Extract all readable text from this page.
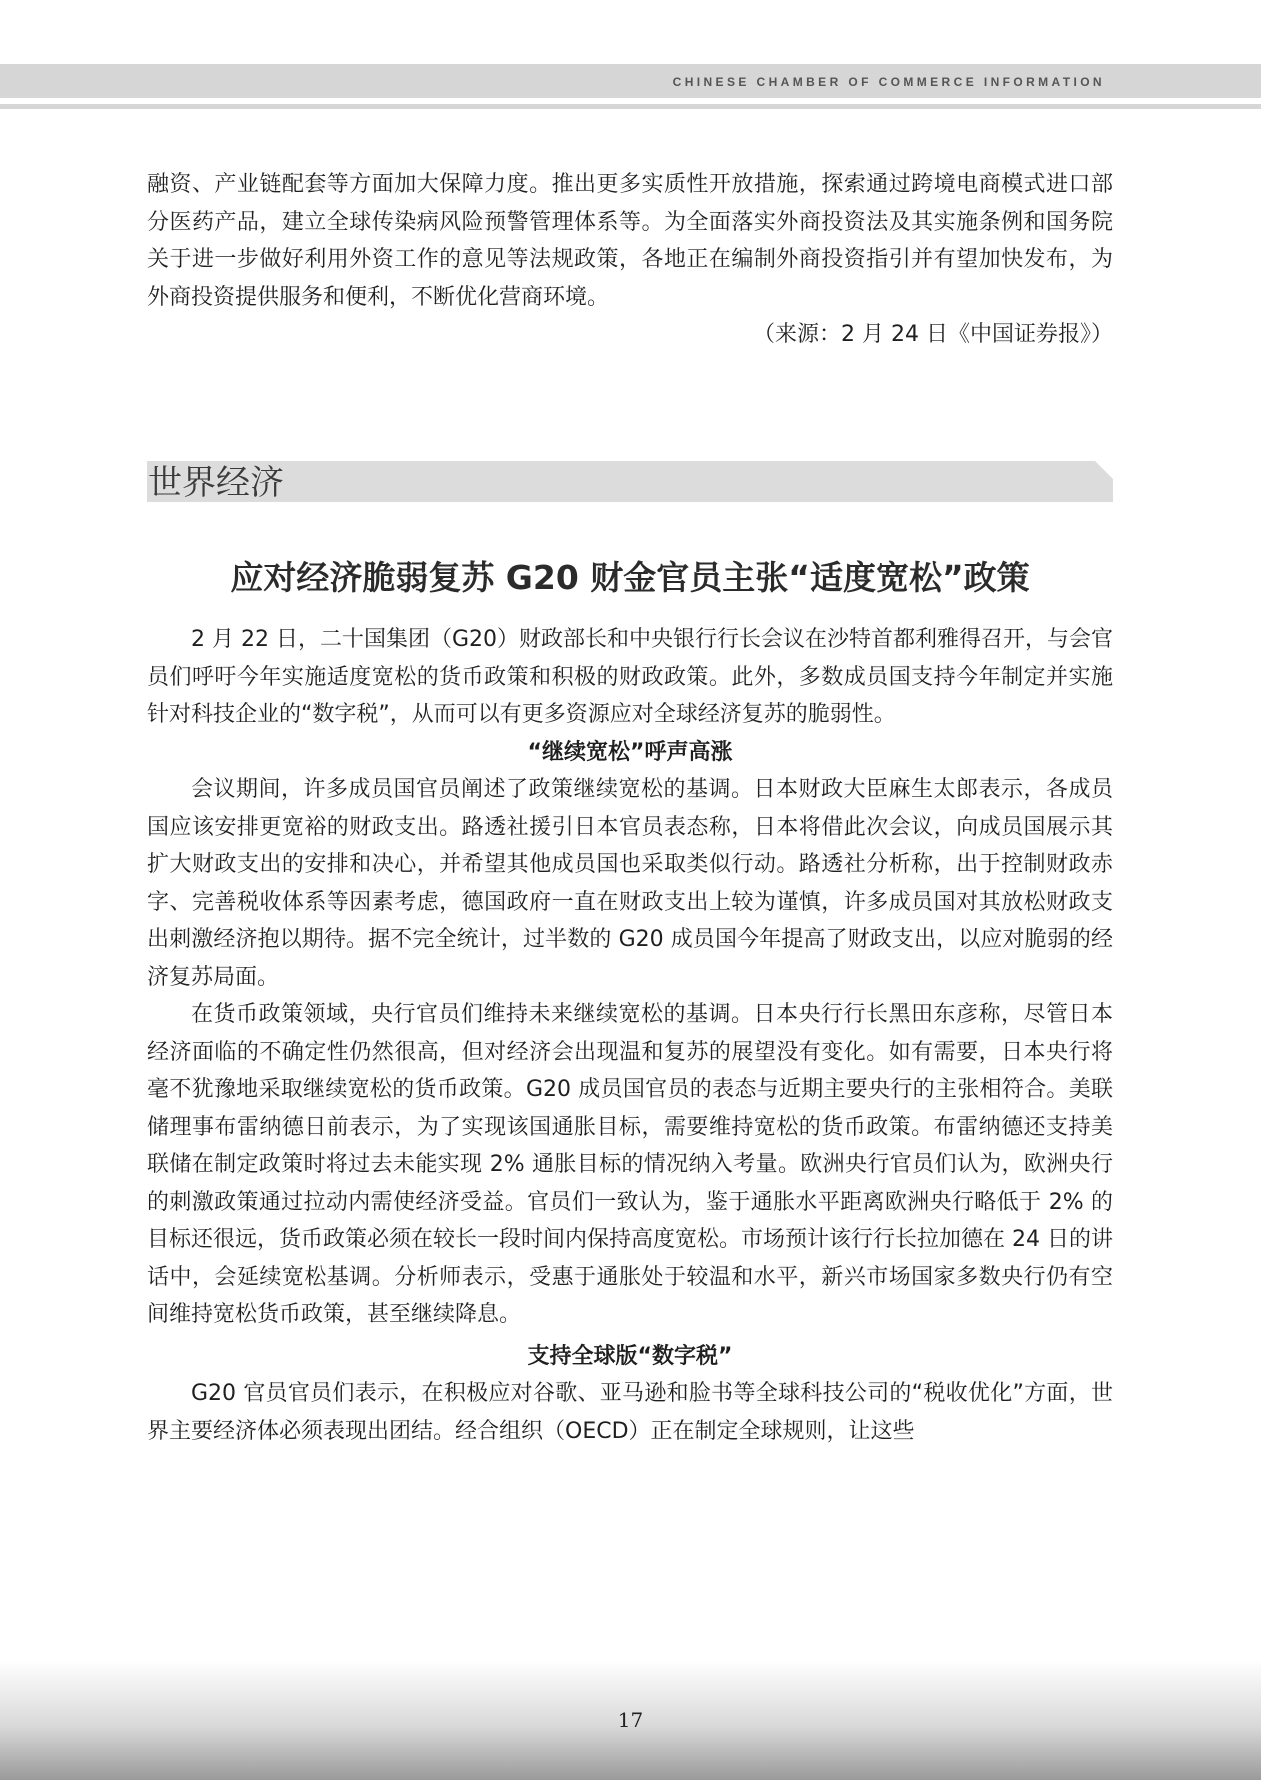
CHINESE CHAMBER OF COMMERCE INFORMATION

融资、产业链配套等方面加大保障力度。推出更多实质性开放措施，探索通过跨境电商模式进口部分医药产品，建立全球传染病风险预警管理体系等。为全面落实外商投资法及其实施条例和国务院关于进一步做好利用外资工作的意见等法规政策，各地正在编制外商投资指引并有望加快发布，为外商投资提供服务和便利，不断优化营商环境。

（来源：2 月 24 日《中国证券报》）

世界经济
应对经济脆弱复苏 G20 财金官员主张“适度宽松”政策

2 月 22 日，二十国集团（G20）财政部长和中央银行行长会议在沙特首都利雅得召开，与会官员们呼吁今年实施适度宽松的货币政策和积极的财政政策。此外，多数成员国支持今年制定并实施针对科技企业的“数字税”，从而可以有更多资源应对全球经济复苏的脆弱性。

“继续宽松”呼声高涨

会议期间，许多成员国官员阐述了政策继续宽松的基调。日本财政大臣麻生太郎表示，各成员国应该安排更宽裕的财政支出。路透社援引日本官员表态称，日本将借此次会议，向成员国展示其扩大财政支出的安排和决心，并希望其他成员国也采取类似行动。路透社分析称，出于控制财政赤字、完善税收体系等因素考虑，德国政府一直在财政支出上较为谨慎，许多成员国对其放松财政支出刺激经济抱以期待。据不完全统计，过半数的 G20 成员国今年提高了财政支出，以应对脆弱的经济复苏局面。

在货币政策领域，央行官员们维持未来继续宽松的基调。日本央行行长黑田东彦称，尽管日本经济面临的不确定性仍然很高，但对经济会出现温和复苏的展望没有变化。如有需要，日本央行将毫不犹豫地采取继续宽松的货币政策。G20 成员国官员的表态与近期主要央行的主张相符合。美联储理事布雷纳德日前表示，为了实现该国通胀目标，需要维持宽松的货币政策。布雷纳德还支持美联储在制定政策时将过去未能实现 2% 通胀目标的情况纳入考量。欧洲央行官员们认为，欧洲央行的刺激政策通过拉动内需使经济受益。官员们一致认为，鉴于通胀水平距离欧洲央行略低于 2% 的目标还很远，货币政策必须在较长一段时间内保持高度宽松。市场预计该行行长拉加德在 24 日的讲话中，会延续宽松基调。分析师表示，受惠于通胀处于较温和水平，新兴市场国家多数央行仍有空间维持宽松货币政策，甚至继续降息。

支持全球版“数字税”

G20 官员官员们表示，在积极应对谷歌、亚马逊和脸书等全球科技公司的“税收优化”方面，世界主要经济体必须表现出团结。经合组织（OECD）正在制定全球规则，让这些

17
